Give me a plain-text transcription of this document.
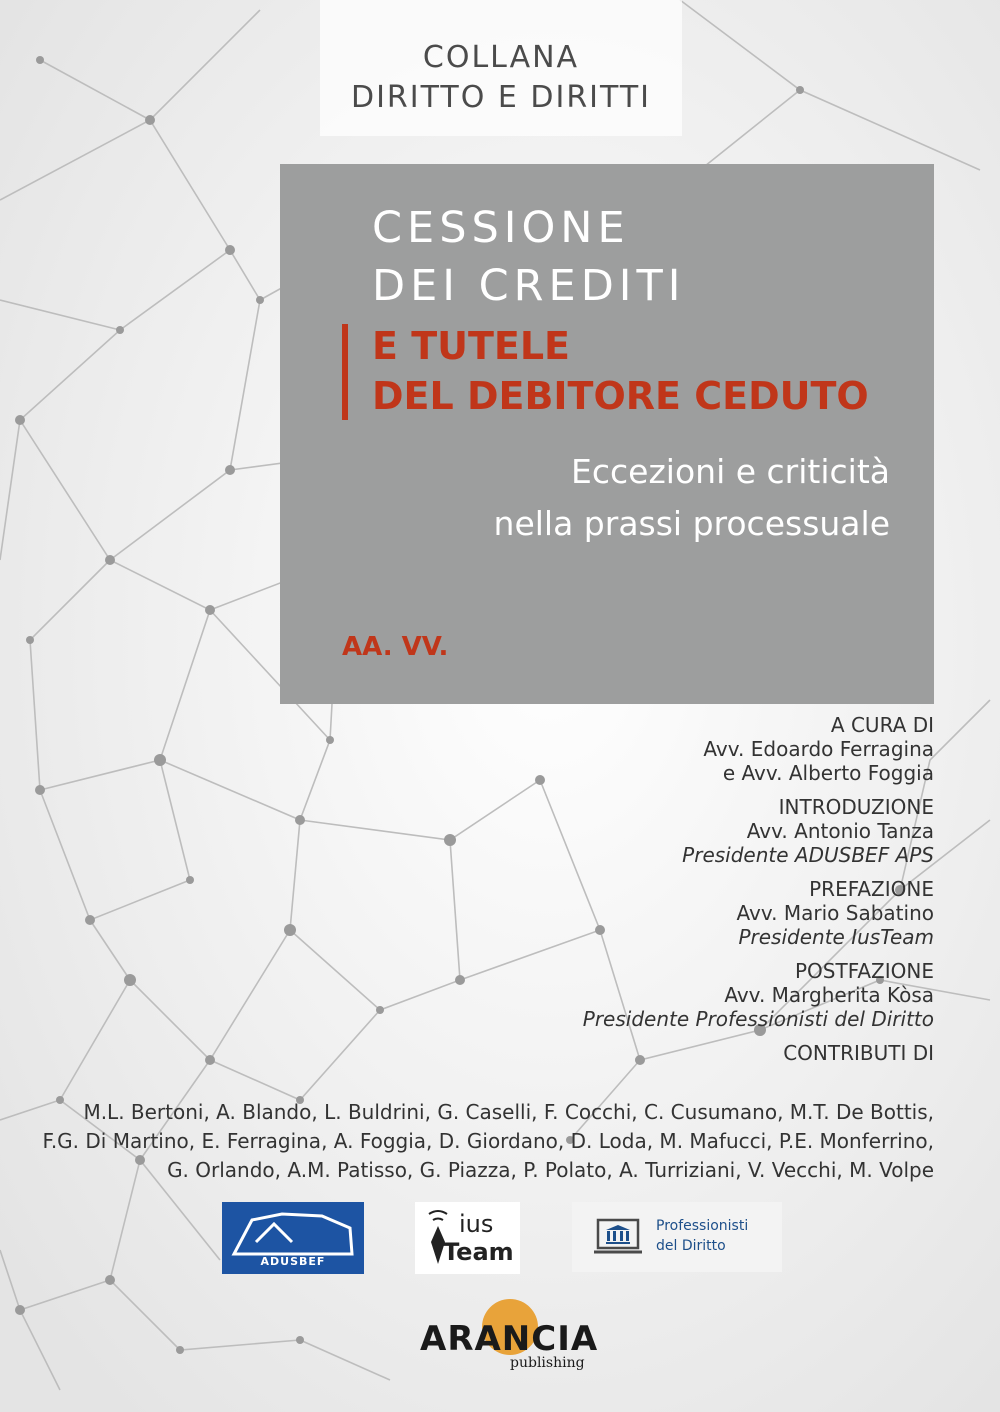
COLLANA
DIRITTO E DIRITTI
CESSIONE
DEI CREDITI
E TUTELE
DEL DEBITORE CEDUTO
Eccezioni e criticità
nella prassi processuale
AA. VV.
A CURA DI
Avv. Edoardo Ferragina
e Avv. Alberto Foggia
INTRODUZIONE
Avv. Antonio Tanza
Presidente ADUSBEF APS
PREFAZIONE
Avv. Mario Sabatino
Presidente IusTeam
POSTFAZIONE
Avv. Margherita Kòsa
Presidente Professionisti del Diritto
CONTRIBUTI DI
M.L. Bertoni, A. Blando, L. Buldrini, G. Caselli, F. Cocchi, C. Cusumano, M.T. De Bottis,
F.G. Di Martino, E. Ferragina, A. Foggia, D. Giordano, D. Loda, M. Mafucci, P.E. Monferrino,
G. Orlando, A.M. Patisso, G. Piazza, P. Polato, A. Turriziani, V. Vecchi, M. Volpe
ADUSBEF
ius
Team
Professionisti
del Diritto
ARANCIA
publishing
